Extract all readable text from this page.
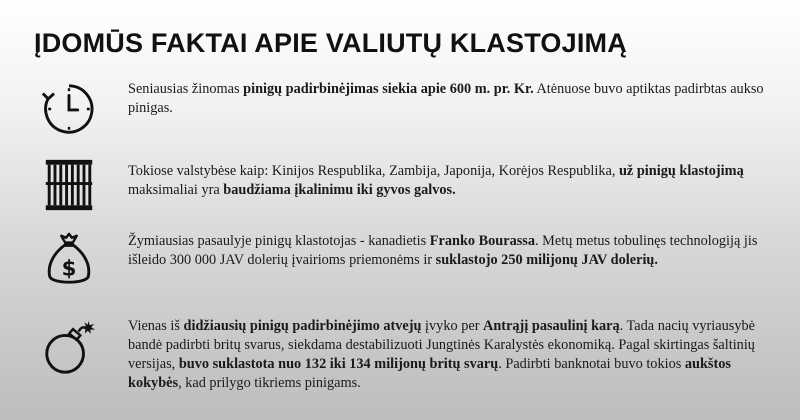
ĮDOMŪS FAKTAI APIE VALIUTŲ KLASTOJIMĄ
Seniausias žinomas pinigų padirbinėjimas siekia apie 600 m. pr. Kr. Atėnuose buvo aptiktas padirbtas aukso pinigas.
Tokiose valstybėse kaip: Kinijos Respublika, Zambija, Japonija, Korėjos Respublika, už pinigų klastojimą maksimaliai yra baudžiama įkalinimu iki gyvos galvos.
$
Žymiausias pasaulyje pinigų klastotojas - kanadietis Franko Bourassa. Metų metus tobulinęs technologiją jis išleido 300 000 JAV dolerių įvairioms priemonėms ir suklastojo 250 milijonų JAV dolerių.
Vienas iš didžiausių pinigų padirbinėjimo atvejų įvyko per Antrąjį pasaulinį karą. Tada nacių vyriausybė bandė padirbti britų svarus, siekdama destabilizuoti Jungtinės Karalystės ekonomiką. Pagal skirtingas šaltinių versijas, buvo suklastota nuo 132 iki 134 milijonų britų svarų. Padirbti banknotai buvo tokios aukštos kokybės, kad prilygo tikriems pinigams.
